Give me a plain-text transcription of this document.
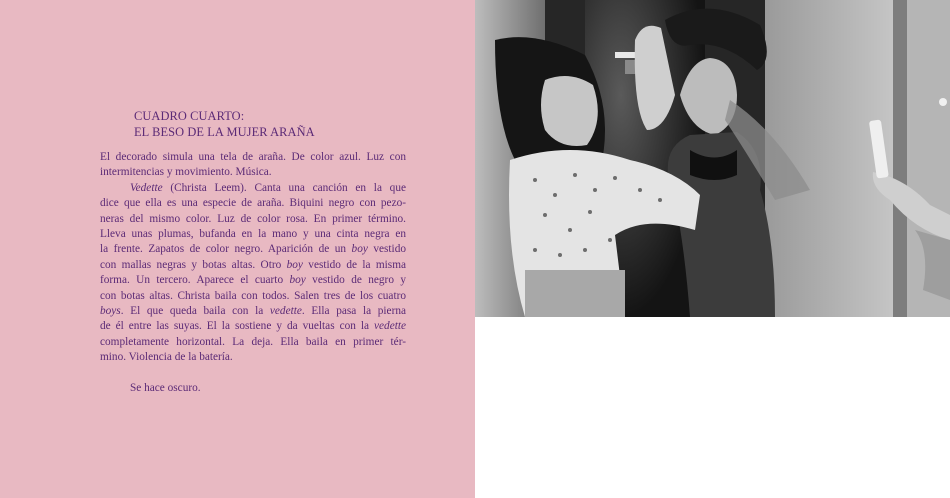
CUADRO CUARTO:
EL BESO DE LA MUJER ARAÑA
El decorado simula una tela de araña. De color azul. Luz con
intermitencias y movimiento. Música.
Vedette (Christa Leem). Canta una canción en la que
dice que ella es una especie de araña. Biquini negro con pezo-
neras del mismo color. Luz de color rosa. En primer término.
Lleva unas plumas, bufanda en la mano y una cinta negra en
la frente. Zapatos de color negro. Aparición de un boy vestido
con mallas negras y botas altas. Otro boy vestido de la misma
forma. Un tercero. Aparece el cuarto boy vestido de negro y
con botas altas. Christa baila con todos. Salen tres de los cuatro
boys. El que queda baila con la vedette. Ella pasa la pierna
de él entre las suyas. El la sostiene y da vueltas con la vedette
completamente horizontal. La deja. Ella baila en primer tér-
mino. Violencia de la batería.
Se hace oscuro.
